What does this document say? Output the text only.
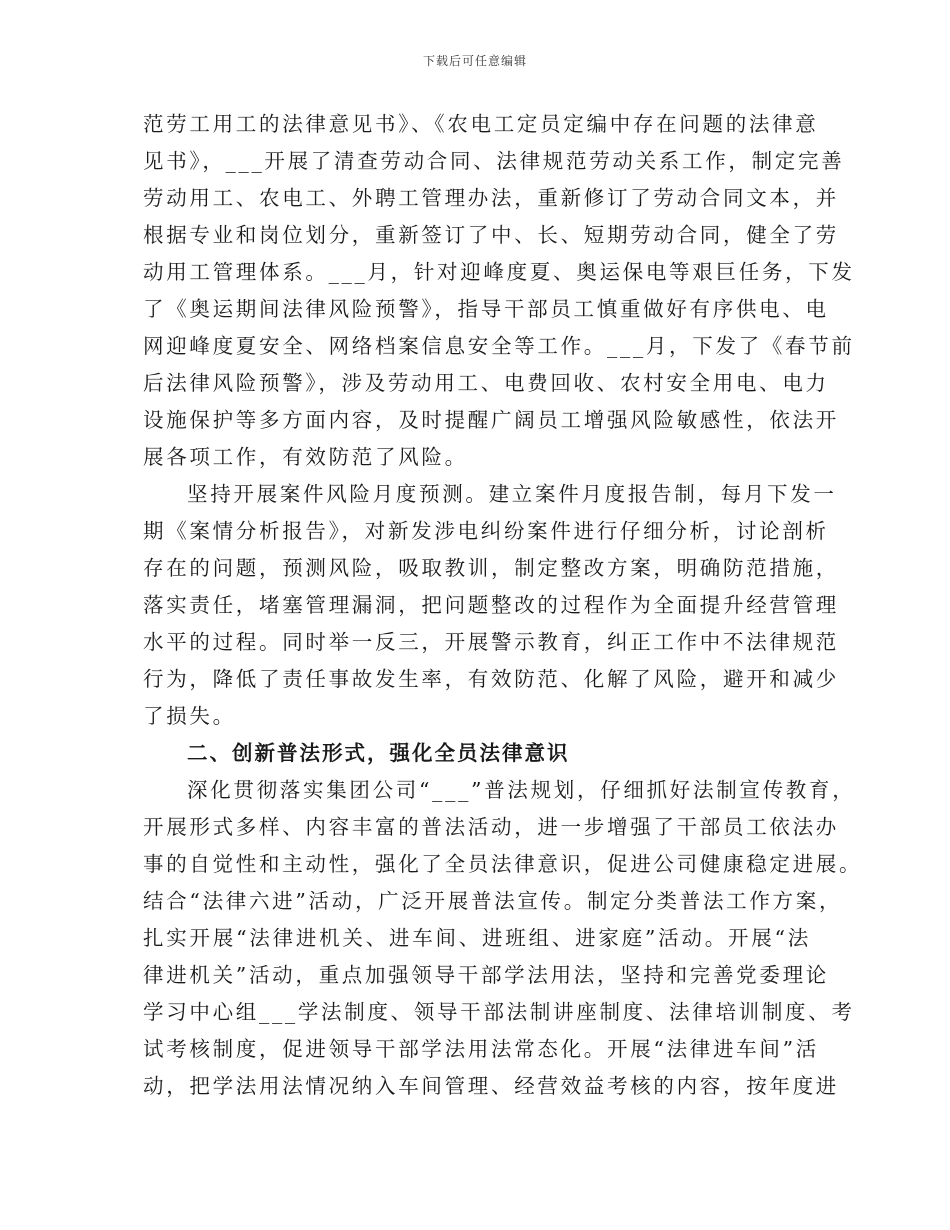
下载后可任意编辑
范劳工用工的法律意见书》、《农电工定员定编中存在问题的法律意
见书》，___开展了清查劳动合同、法律规范劳动关系工作，制定完善
劳动用工、农电工、外聘工管理办法，重新修订了劳动合同文本，并
根据专业和岗位划分，重新签订了中、长、短期劳动合同，健全了劳
动用工管理体系。___月，针对迎峰度夏、奥运保电等艰巨任务，下发
了《奥运期间法律风险预警》，指导干部员工慎重做好有序供电、电
网迎峰度夏安全、网络档案信息安全等工作。___月，下发了《春节前
后法律风险预警》，涉及劳动用工、电费回收、农村安全用电、电力
设施保护等多方面内容，及时提醒广阔员工增强风险敏感性，依法开
展各项工作，有效防范了风险。
坚持开展案件风险月度预测。建立案件月度报告制，每月下发一
期《案情分析报告》，对新发涉电纠纷案件进行仔细分析，讨论剖析
存在的问题，预测风险，吸取教训，制定整改方案，明确防范措施，
落实责任，堵塞管理漏洞，把问题整改的过程作为全面提升经营管理
水平的过程。同时举一反三，开展警示教育，纠正工作中不法律规范
行为，降低了责任事故发生率，有效防范、化解了风险，避开和减少
了损失。
二、创新普法形式，强化全员法律意识
深化贯彻落实集团公司“___”普法规划，仔细抓好法制宣传教育，
开展形式多样、内容丰富的普法活动，进一步增强了干部员工依法办
事的自觉性和主动性，强化了全员法律意识，促进公司健康稳定进展。
结合“法律六进”活动，广泛开展普法宣传。制定分类普法工作方案，
扎实开展“法律进机关、进车间、进班组、进家庭”活动。开展“法
律进机关”活动，重点加强领导干部学法用法，坚持和完善党委理论
学习中心组___学法制度、领导干部法制讲座制度、法律培训制度、考
试考核制度，促进领导干部学法用法常态化。开展“法律进车间”活
动，把学法用法情况纳入车间管理、经营效益考核的内容，按年度进
